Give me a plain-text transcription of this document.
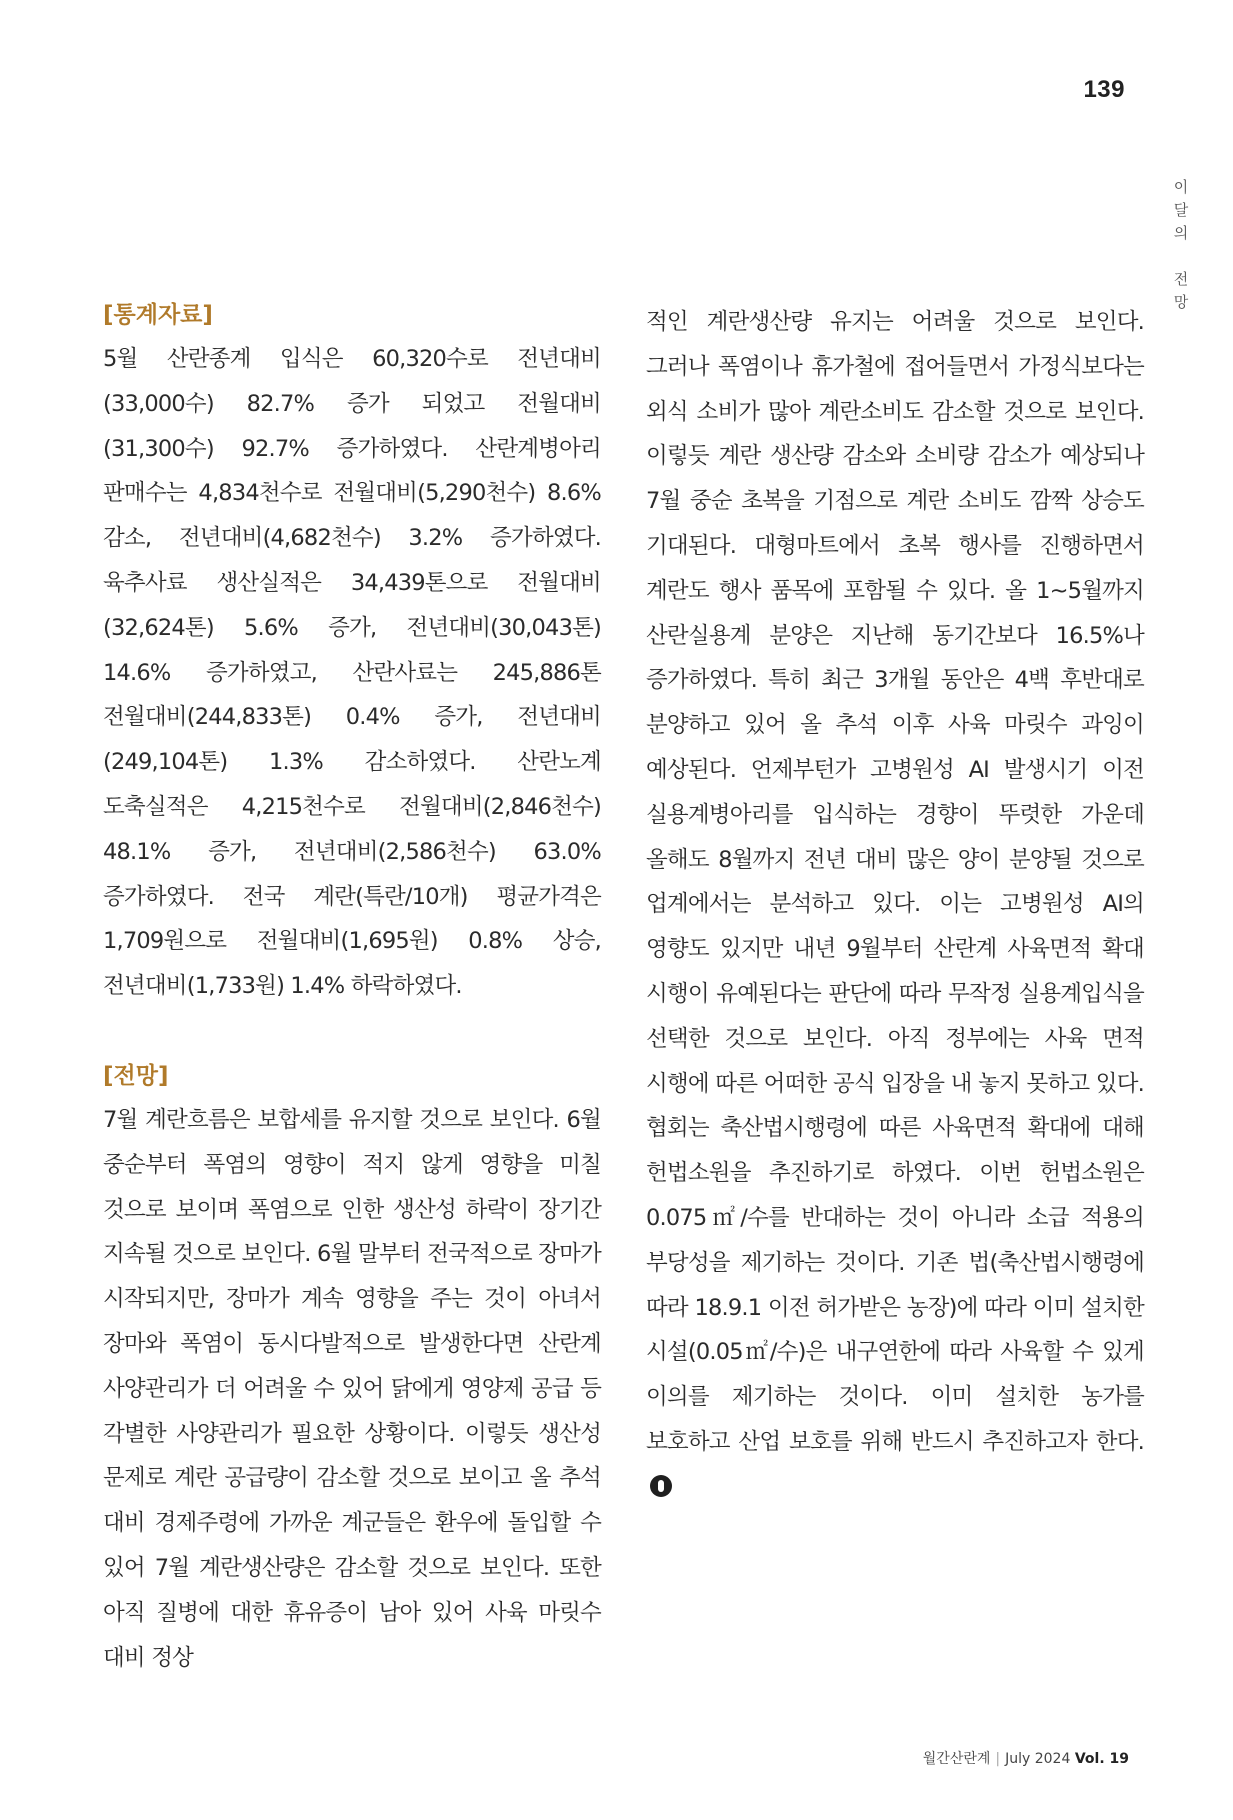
139
이
달
의

전
망
[통계자료]
5월 산란종계 입식은 60,320수로 전년대비(33,000수) 82.7% 증가 되었고 전월대비(31,300수) 92.7% 증가하였다. 산란계병아리 판매수는 4,834천수로 전월대비(5,290천수) 8.6% 감소, 전년대비(4,682천수) 3.2% 증가하였다. 육추사료 생산실적은 34,439톤으로 전월대비(32,624톤) 5.6% 증가, 전년대비(30,043톤) 14.6% 증가하였고, 산란사료는 245,886톤 전월대비(244,833톤) 0.4% 증가, 전년대비(249,104톤) 1.3% 감소하였다. 산란노계 도축실적은 4,215천수로 전월대비(2,846천수) 48.1% 증가, 전년대비(2,586천수) 63.0% 증가하였다. 전국 계란(특란/10개) 평균가격은 1,709원으로 전월대비(1,695원) 0.8% 상승, 전년대비(1,733원) 1.4% 하락하였다.
[전망]
7월 계란흐름은 보합세를 유지할 것으로 보인다. 6월 중순부터 폭염의 영향이 적지 않게 영향을 미칠 것으로 보이며 폭염으로 인한 생산성 하락이 장기간 지속될 것으로 보인다. 6월 말부터 전국적으로 장마가 시작되지만, 장마가 계속 영향을 주는 것이 아녀서 장마와 폭염이 동시다발적으로 발생한다면 산란계 사양관리가 더 어려울 수 있어 닭에게 영양제 공급 등 각별한 사양관리가 필요한 상황이다. 이렇듯 생산성 문제로 계란 공급량이 감소할 것으로 보이고 올 추석 대비 경제주령에 가까운 계군들은 환우에 돌입할 수 있어 7월 계란생산량은 감소할 것으로 보인다. 또한 아직 질병에 대한 휴유증이 남아 있어 사육 마릿수 대비 정상
적인 계란생산량 유지는 어려울 것으로 보인다. 그러나 폭염이나 휴가철에 접어들면서 가정식보다는 외식 소비가 많아 계란소비도 감소할 것으로 보인다. 이렇듯 계란 생산량 감소와 소비량 감소가 예상되나 7월 중순 초복을 기점으로 계란 소비도 깜짝 상승도 기대된다. 대형마트에서 초복 행사를 진행하면서 계란도 행사 품목에 포함될 수 있다. 올 1~5월까지 산란실용계 분양은 지난해 동기간보다 16.5%나 증가하였다. 특히 최근 3개월 동안은 4백 후반대로 분양하고 있어 올 추석 이후 사육 마릿수 과잉이 예상된다. 언제부턴가 고병원성 AI 발생시기 이전 실용계병아리를 입식하는 경향이 뚜렷한 가운데 올해도 8월까지 전년 대비 많은 양이 분양될 것으로 업계에서는 분석하고 있다. 이는 고병원성 AI의 영향도 있지만 내년 9월부터 산란계 사육면적 확대 시행이 유예된다는 판단에 따라 무작정 실용계입식을 선택한 것으로 보인다. 아직 정부에는 사육 면적 시행에 따른 어떠한 공식 입장을 내 놓지 못하고 있다. 협회는 축산법시행령에 따른 사육면적 확대에 대해 헌법소원을 추진하기로 하였다. 이번 헌법소원은 0.075㎡/수를 반대하는 것이 아니라 소급 적용의 부당성을 제기하는 것이다. 기존 법(축산법시행령에 따라 18.9.1 이전 허가받은 농장)에 따라 이미 설치한 시설(0.05㎡/수)은 내구연한에 따라 사육할 수 있게 이의를 제기하는 것이다. 이미 설치한 농가를 보호하고 산업 보호를 위해 반드시 추진하고자 한다.
월간산란계 | July 2024 Vol. 19
